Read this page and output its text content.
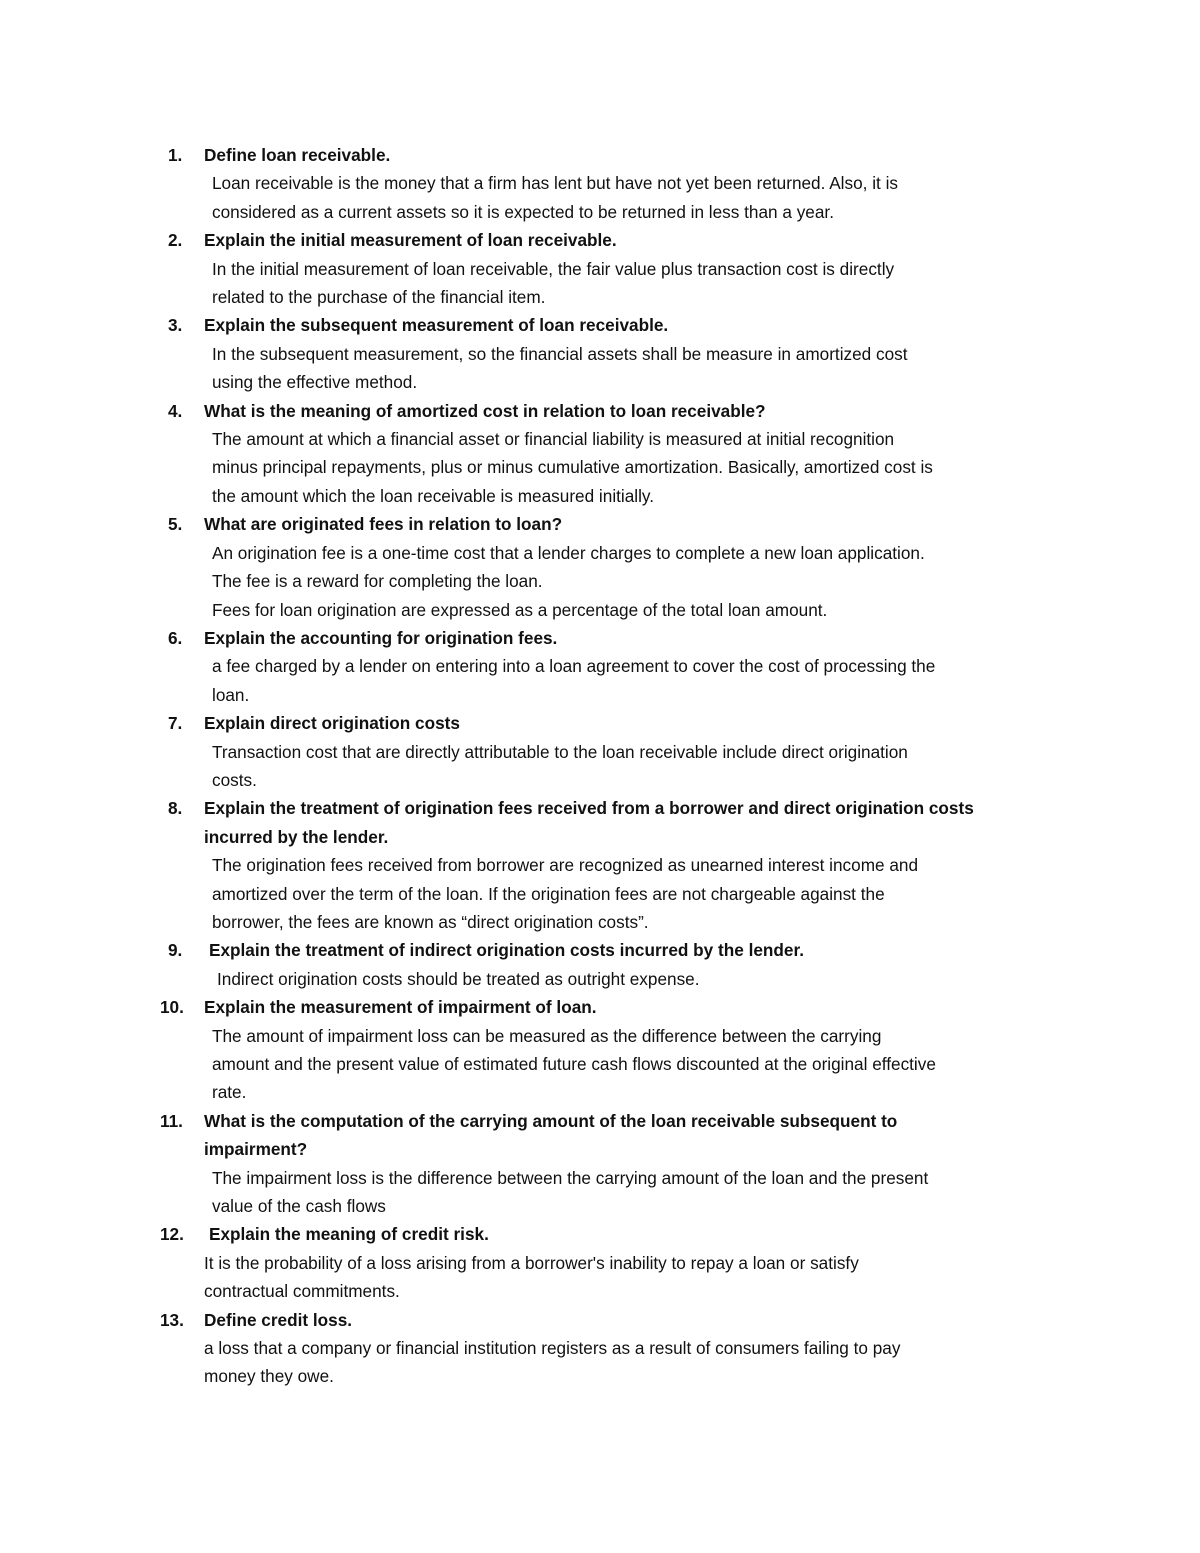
1. Define loan receivable.
Loan receivable is the money that a firm has lent but have not yet been returned. Also, it is
considered as a current assets so it is expected to be returned in less than a year.
2. Explain the initial measurement of loan receivable.
In the initial measurement of loan receivable, the fair value plus transaction cost is directly
related to the purchase of the financial item.
3. Explain the subsequent measurement of loan receivable.
In the subsequent measurement, so the financial assets shall be measure in amortized cost
using the effective method.
4. What is the meaning of amortized cost in relation to loan receivable?
The amount at which a financial asset or financial liability is measured at initial recognition
minus principal repayments, plus or minus cumulative amortization. Basically, amortized cost is
the amount which the loan receivable is measured initially.
5. What are originated fees in relation to loan?
An origination fee is a one-time cost that a lender charges to complete a new loan application.
The fee is a reward for completing the loan.
Fees for loan origination are expressed as a percentage of the total loan amount.
6. Explain the accounting for origination fees.
a fee charged by a lender on entering into a loan agreement to cover the cost of processing the
loan.
7. Explain direct origination costs
Transaction cost that are directly attributable to the loan receivable include direct origination
costs.
8. Explain the treatment of origination fees received from a borrower and direct origination costs
incurred by the lender.
The origination fees received from borrower are recognized as unearned interest income and
amortized over the term of the loan. If the origination fees are not chargeable against the
borrower, the fees are known as “direct origination costs”.
9. Explain the treatment of indirect origination costs incurred by the lender.
Indirect origination costs should be treated as outright expense.
10. Explain the measurement of impairment of loan.
The amount of impairment loss can be measured as the difference between the carrying
amount and the present value of estimated future cash flows discounted at the original effective
rate.
11. What is the computation of the carrying amount of the loan receivable subsequent to
impairment?
The impairment loss is the difference between the carrying amount of the loan and the present
value of the cash flows
12. Explain the meaning of credit risk.
It is the probability of a loss arising from a borrower's inability to repay a loan or satisfy
contractual commitments.
13. Define credit loss.
a loss that a company or financial institution registers as a result of consumers failing to pay
money they owe.
